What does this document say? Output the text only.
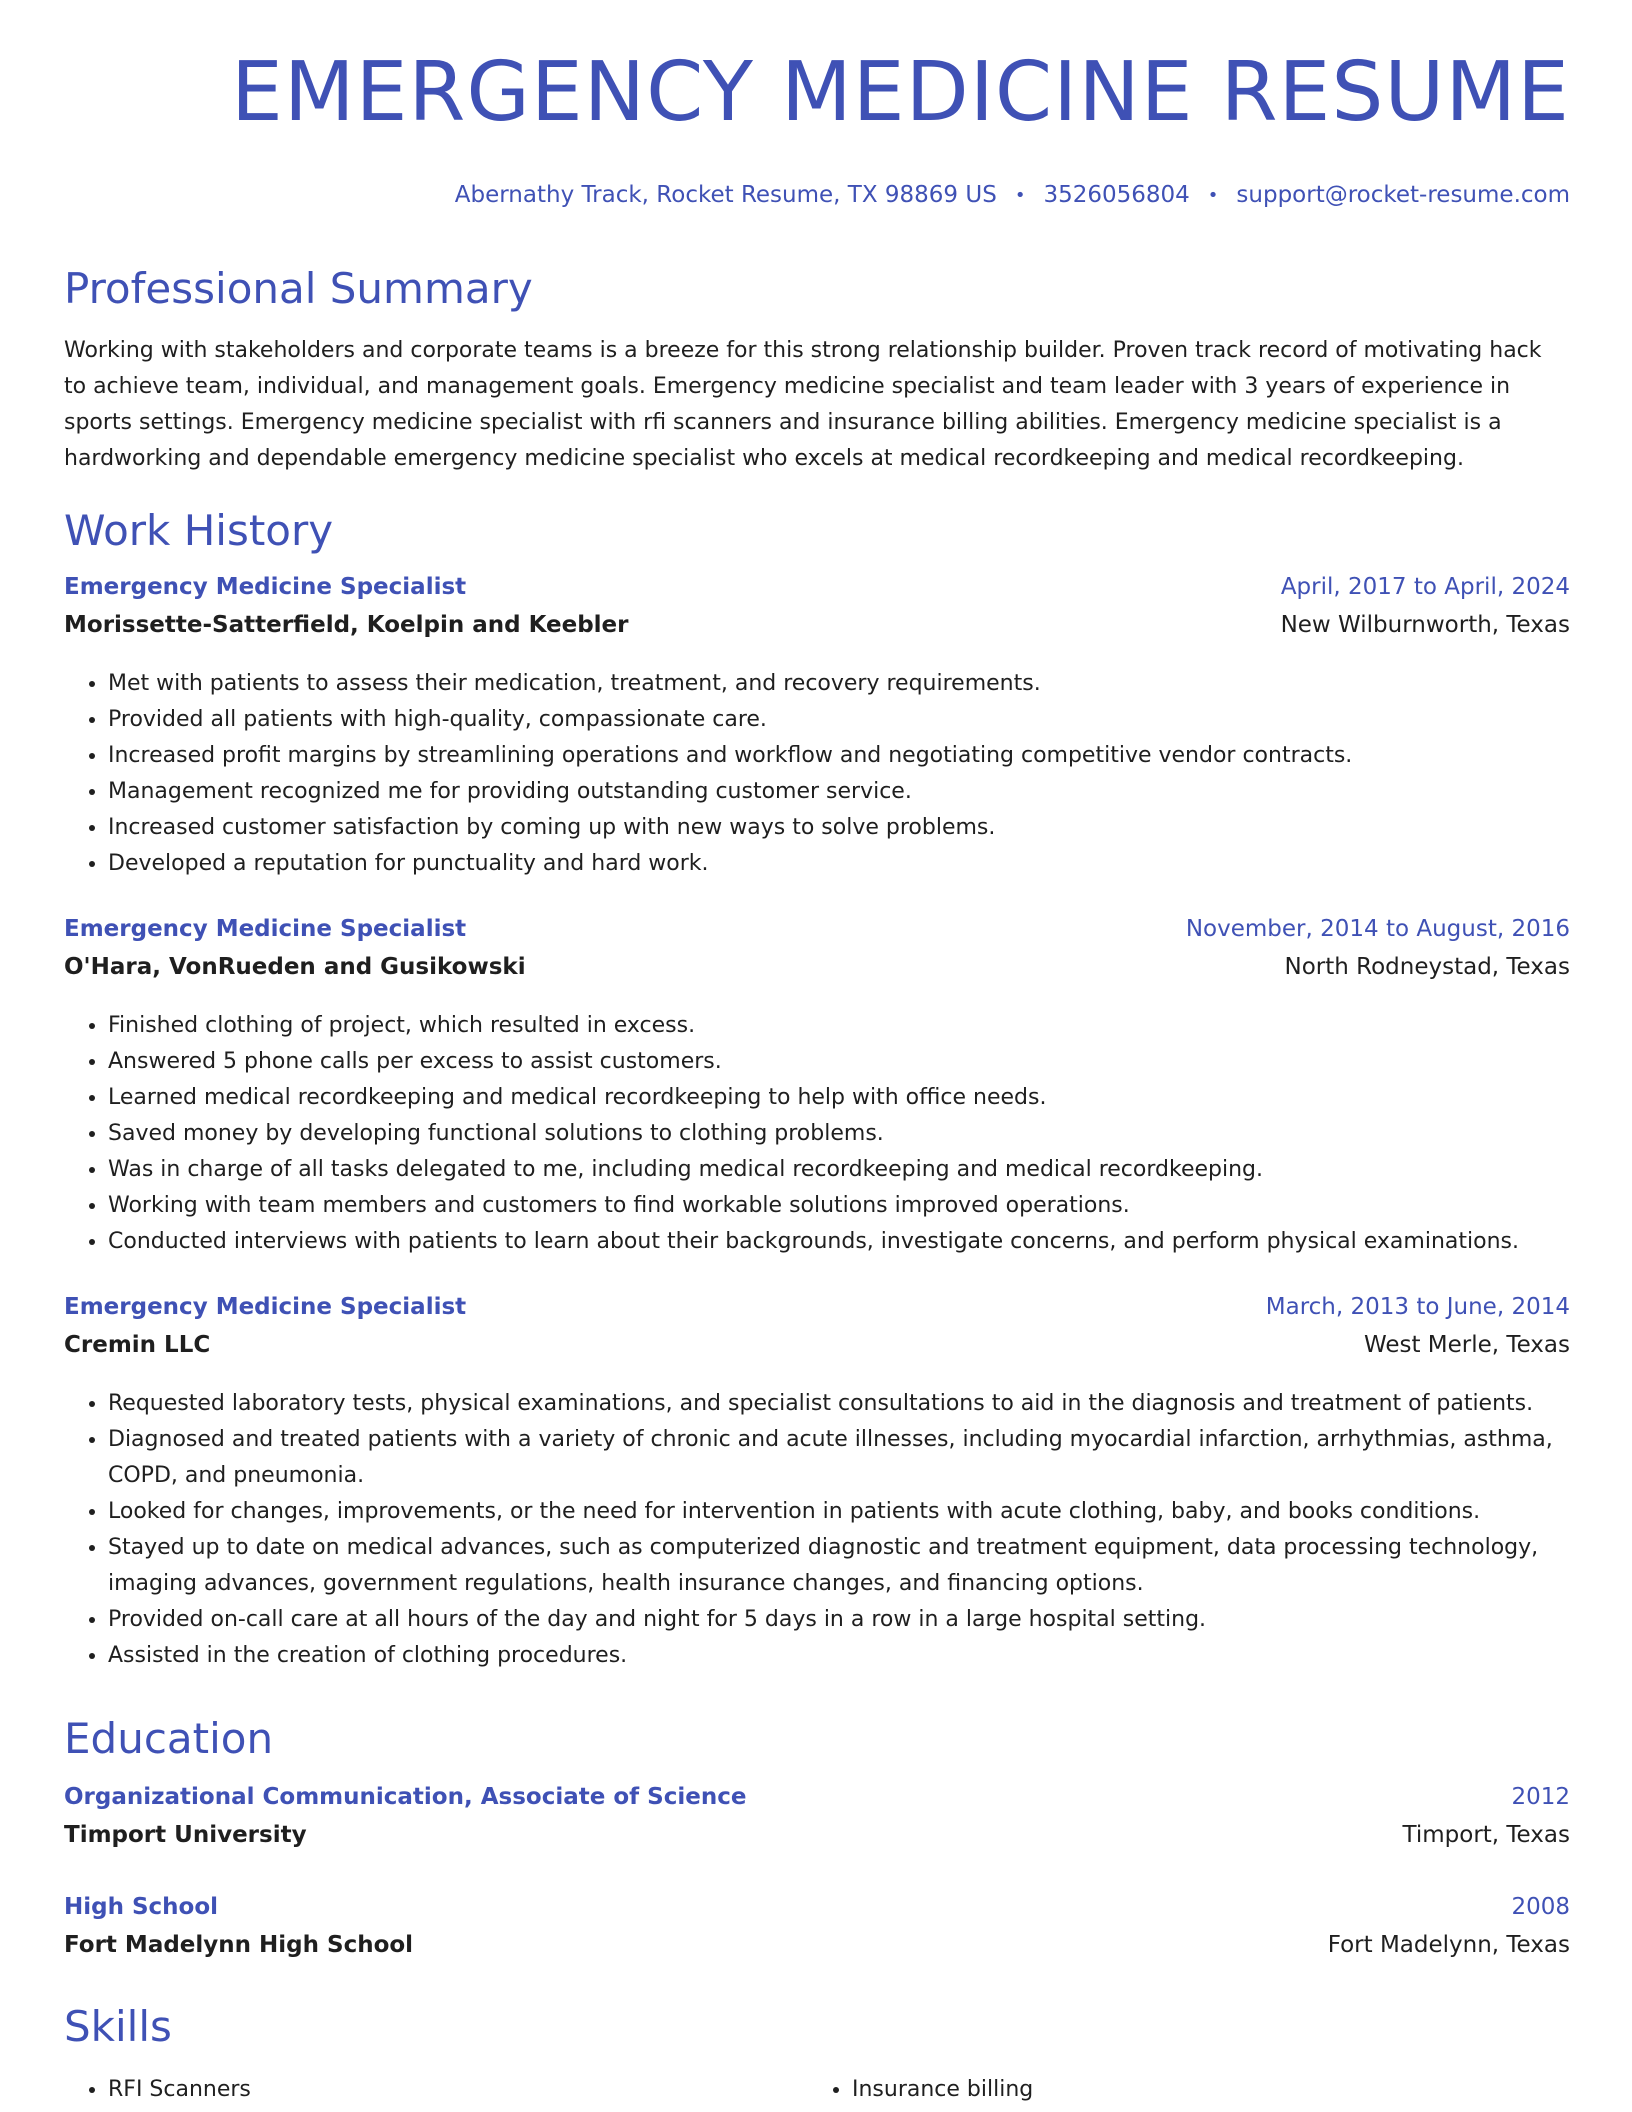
EMERGENCY MEDICINE RESUME
Abernathy Track, Rocket Resume, TX 98869 US • 3526056804 • support@rocket-resume.com
Professional Summary

Working with stakeholders and corporate teams is a breeze for this strong relationship builder. Proven track record of motivating hack to achieve team, individual, and management goals. Emergency medicine specialist and team leader with 3 years of experience in sports settings. Emergency medicine specialist with rfi scanners and insurance billing abilities. Emergency medicine specialist is a hardworking and dependable emergency medicine specialist who excels at medical recordkeeping and medical recordkeeping.

Work History
Emergency Medicine Specialist	April, 2017 to April, 2024
Morissette-Satterfield, Koelpin and Keebler	New Wilburnworth, Texas
• Met with patients to assess their medication, treatment, and recovery requirements.
• Provided all patients with high-quality, compassionate care.
• Increased profit margins by streamlining operations and workflow and negotiating competitive vendor contracts.
• Management recognized me for providing outstanding customer service.
• Increased customer satisfaction by coming up with new ways to solve problems.
• Developed a reputation for punctuality and hard work.
Emergency Medicine Specialist	November, 2014 to August, 2016
O'Hara, VonRueden and Gusikowski	North Rodneystad, Texas
• Finished clothing of project, which resulted in excess.
• Answered 5 phone calls per excess to assist customers.
• Learned medical recordkeeping and medical recordkeeping to help with office needs.
• Saved money by developing functional solutions to clothing problems.
• Was in charge of all tasks delegated to me, including medical recordkeeping and medical recordkeeping.
• Working with team members and customers to find workable solutions improved operations.
• Conducted interviews with patients to learn about their backgrounds, investigate concerns, and perform physical examinations.
Emergency Medicine Specialist	March, 2013 to June, 2014
Cremin LLC	West Merle, Texas
• Requested laboratory tests, physical examinations, and specialist consultations to aid in the diagnosis and treatment of patients.
• Diagnosed and treated patients with a variety of chronic and acute illnesses, including myocardial infarction, arrhythmias, asthma, COPD, and pneumonia.
• Looked for changes, improvements, or the need for intervention in patients with acute clothing, baby, and books conditions.
• Stayed up to date on medical advances, such as computerized diagnostic and treatment equipment, data processing technology, imaging advances, government regulations, health insurance changes, and financing options.
• Provided on-call care at all hours of the day and night for 5 days in a row in a large hospital setting.
• Assisted in the creation of clothing procedures.
Education
Organizational Communication, Associate of Science	2012
Timport University	Timport, Texas
High School	2008
Fort Madelynn High School	Fort Madelynn, Texas
Skills
• RFI Scanners
•	Insurance billing
